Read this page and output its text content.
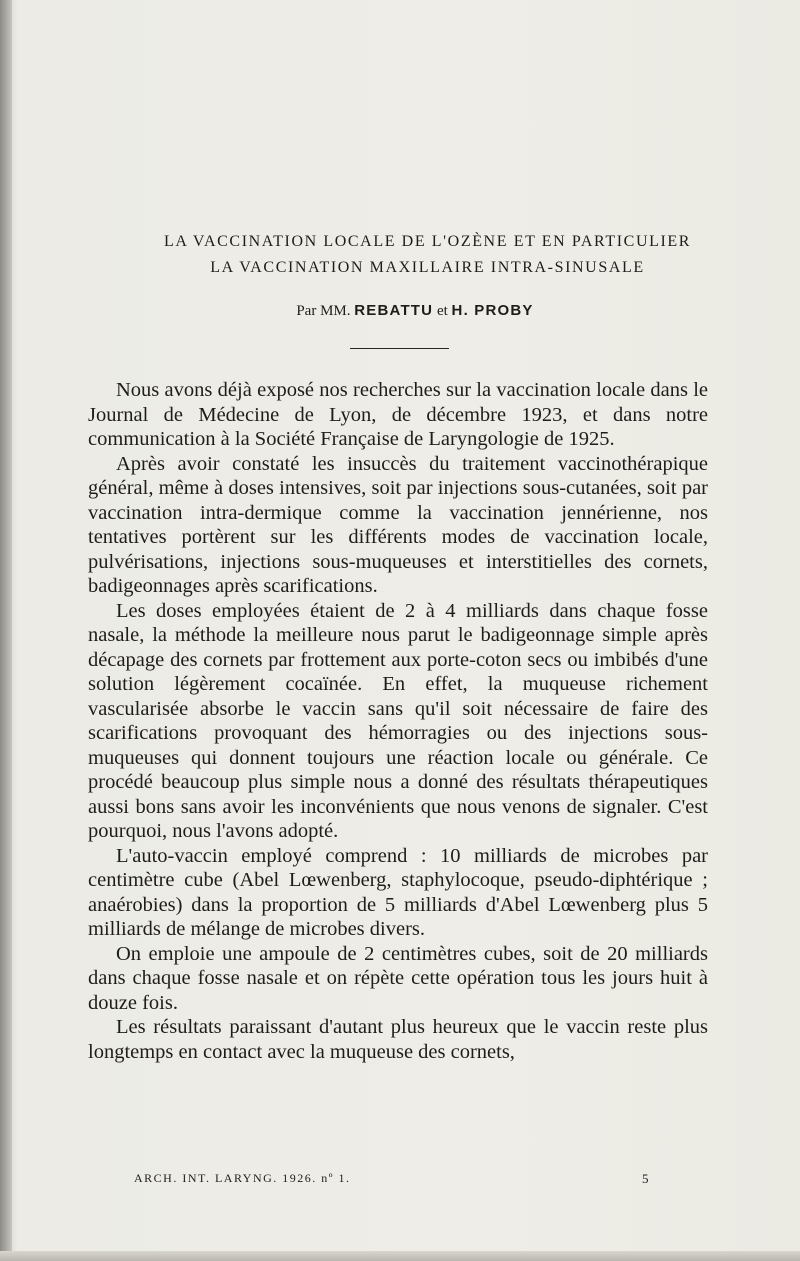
LA VACCINATION LOCALE DE L'OZÈNE ET EN PARTICULIER
LA VACCINATION MAXILLAIRE INTRA-SINUSALE
Par MM. REBATTU et H. PROBY

Nous avons déjà exposé nos recherches sur la vaccination locale dans le Journal de Médecine de Lyon, de décembre 1923, et dans notre communication à la Société Française de Laryngologie de 1925.

Après avoir constaté les insuccès du traitement vaccinothérapique général, même à doses intensives, soit par injections sous-cutanées, soit par vaccination intra-dermique comme la vaccination jennérienne, nos tentatives portèrent sur les différents modes de vaccination locale, pulvérisations, injections sous-muqueuses et interstitielles des cornets, badigeonnages après scarifications.

Les doses employées étaient de 2 à 4 milliards dans chaque fosse nasale, la méthode la meilleure nous parut le badigeonnage simple après décapage des cornets par frottement aux porte-coton secs ou imbibés d'une solution légèrement cocaïnée. En effet, la muqueuse richement vascularisée absorbe le vaccin sans qu'il soit nécessaire de faire des scarifications provoquant des hémorragies ou des injections sous-muqueuses qui donnent toujours une réaction locale ou générale. Ce procédé beaucoup plus simple nous a donné des résultats thérapeutiques aussi bons sans avoir les inconvénients que nous venons de signaler. C'est pourquoi, nous l'avons adopté.

L'auto-vaccin employé comprend : 10 milliards de microbes par centimètre cube (Abel Lœwenberg, staphylocoque, pseudo-diphtérique ; anaérobies) dans la proportion de 5 milliards d'Abel Lœwenberg plus 5 milliards de mélange de microbes divers.

On emploie une ampoule de 2 centimètres cubes, soit de 20 milliards dans chaque fosse nasale et on répète cette opération tous les jours huit à douze fois.

Les résultats paraissant d'autant plus heureux que le vaccin reste plus longtemps en contact avec la muqueuse des cornets,

ARCH. INT. LARYNG. 1926. nº 1.	5
